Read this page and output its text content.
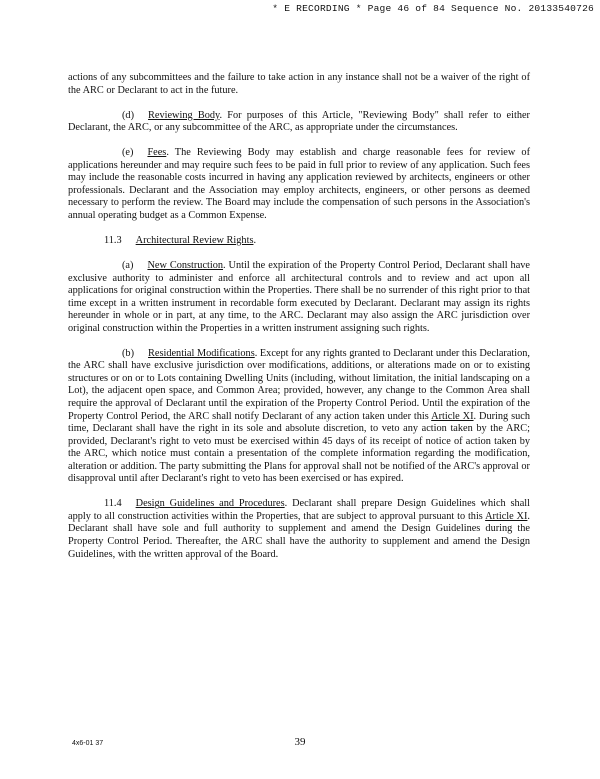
* E RECORDING * Page 46 of 84 Sequence No. 20133540726

actions of any subcommittees and the failure to take action in any instance shall not be a waiver of the right of the ARC or Declarant to act in the future.

(d) Reviewing Body. For purposes of this Article, "Reviewing Body" shall refer to either Declarant, the ARC, or any subcommittee of the ARC, as appropriate under the circumstances.

(e) Fees. The Reviewing Body may establish and charge reasonable fees for review of applications hereunder and may require such fees to be paid in full prior to review of any application. Such fees may include the reasonable costs incurred in having any application reviewed by architects, engineers or other professionals. Declarant and the Association may employ architects, engineers, or other persons as deemed necessary to perform the review. The Board may include the compensation of such persons in the Association's annual operating budget as a Common Expense.

11.3 Architectural Review Rights.

(a) New Construction. Until the expiration of the Property Control Period, Declarant shall have exclusive authority to administer and enforce all architectural controls and to review and act upon all applications for original construction within the Properties. There shall be no surrender of this right prior to that time except in a written instrument in recordable form executed by Declarant. Declarant may assign its rights hereunder in whole or in part, at any time, to the ARC. Declarant may also assign the ARC jurisdiction over original construction within the Properties in a written instrument assigning such rights.

(b) Residential Modifications. Except for any rights granted to Declarant under this Declaration, the ARC shall have exclusive jurisdiction over modifications, additions, or alterations made on or to existing structures or on or to Lots containing Dwelling Units (including, without limitation, the initial landscaping on a Lot), the adjacent open space, and Common Area; provided, however, any change to the Common Area shall require the approval of Declarant until the expiration of the Property Control Period. Until the expiration of the Property Control Period, the ARC shall notify Declarant of any action taken under this Article XI. During such time, Declarant shall have the right in its sole and absolute discretion, to veto any action taken by the ARC; provided, Declarant's right to veto must be exercised within 45 days of its receipt of notice of action taken by the ARC, which notice must contain a presentation of the complete information regarding the modification, alteration or addition. The party submitting the Plans for approval shall not be notified of the ARC's approval or disapproval until after Declarant's right to veto has been exercised or has expired.

11.4 Design Guidelines and Procedures. Declarant shall prepare Design Guidelines which shall apply to all construction activities within the Properties, that are subject to approval pursuant to this Article XI. Declarant shall have sole and full authority to supplement and amend the Design Guidelines during the Property Control Period. Thereafter, the ARC shall have the authority to supplement and amend the Design Guidelines, with the written approval of the Board.

4x6-01 37	39
